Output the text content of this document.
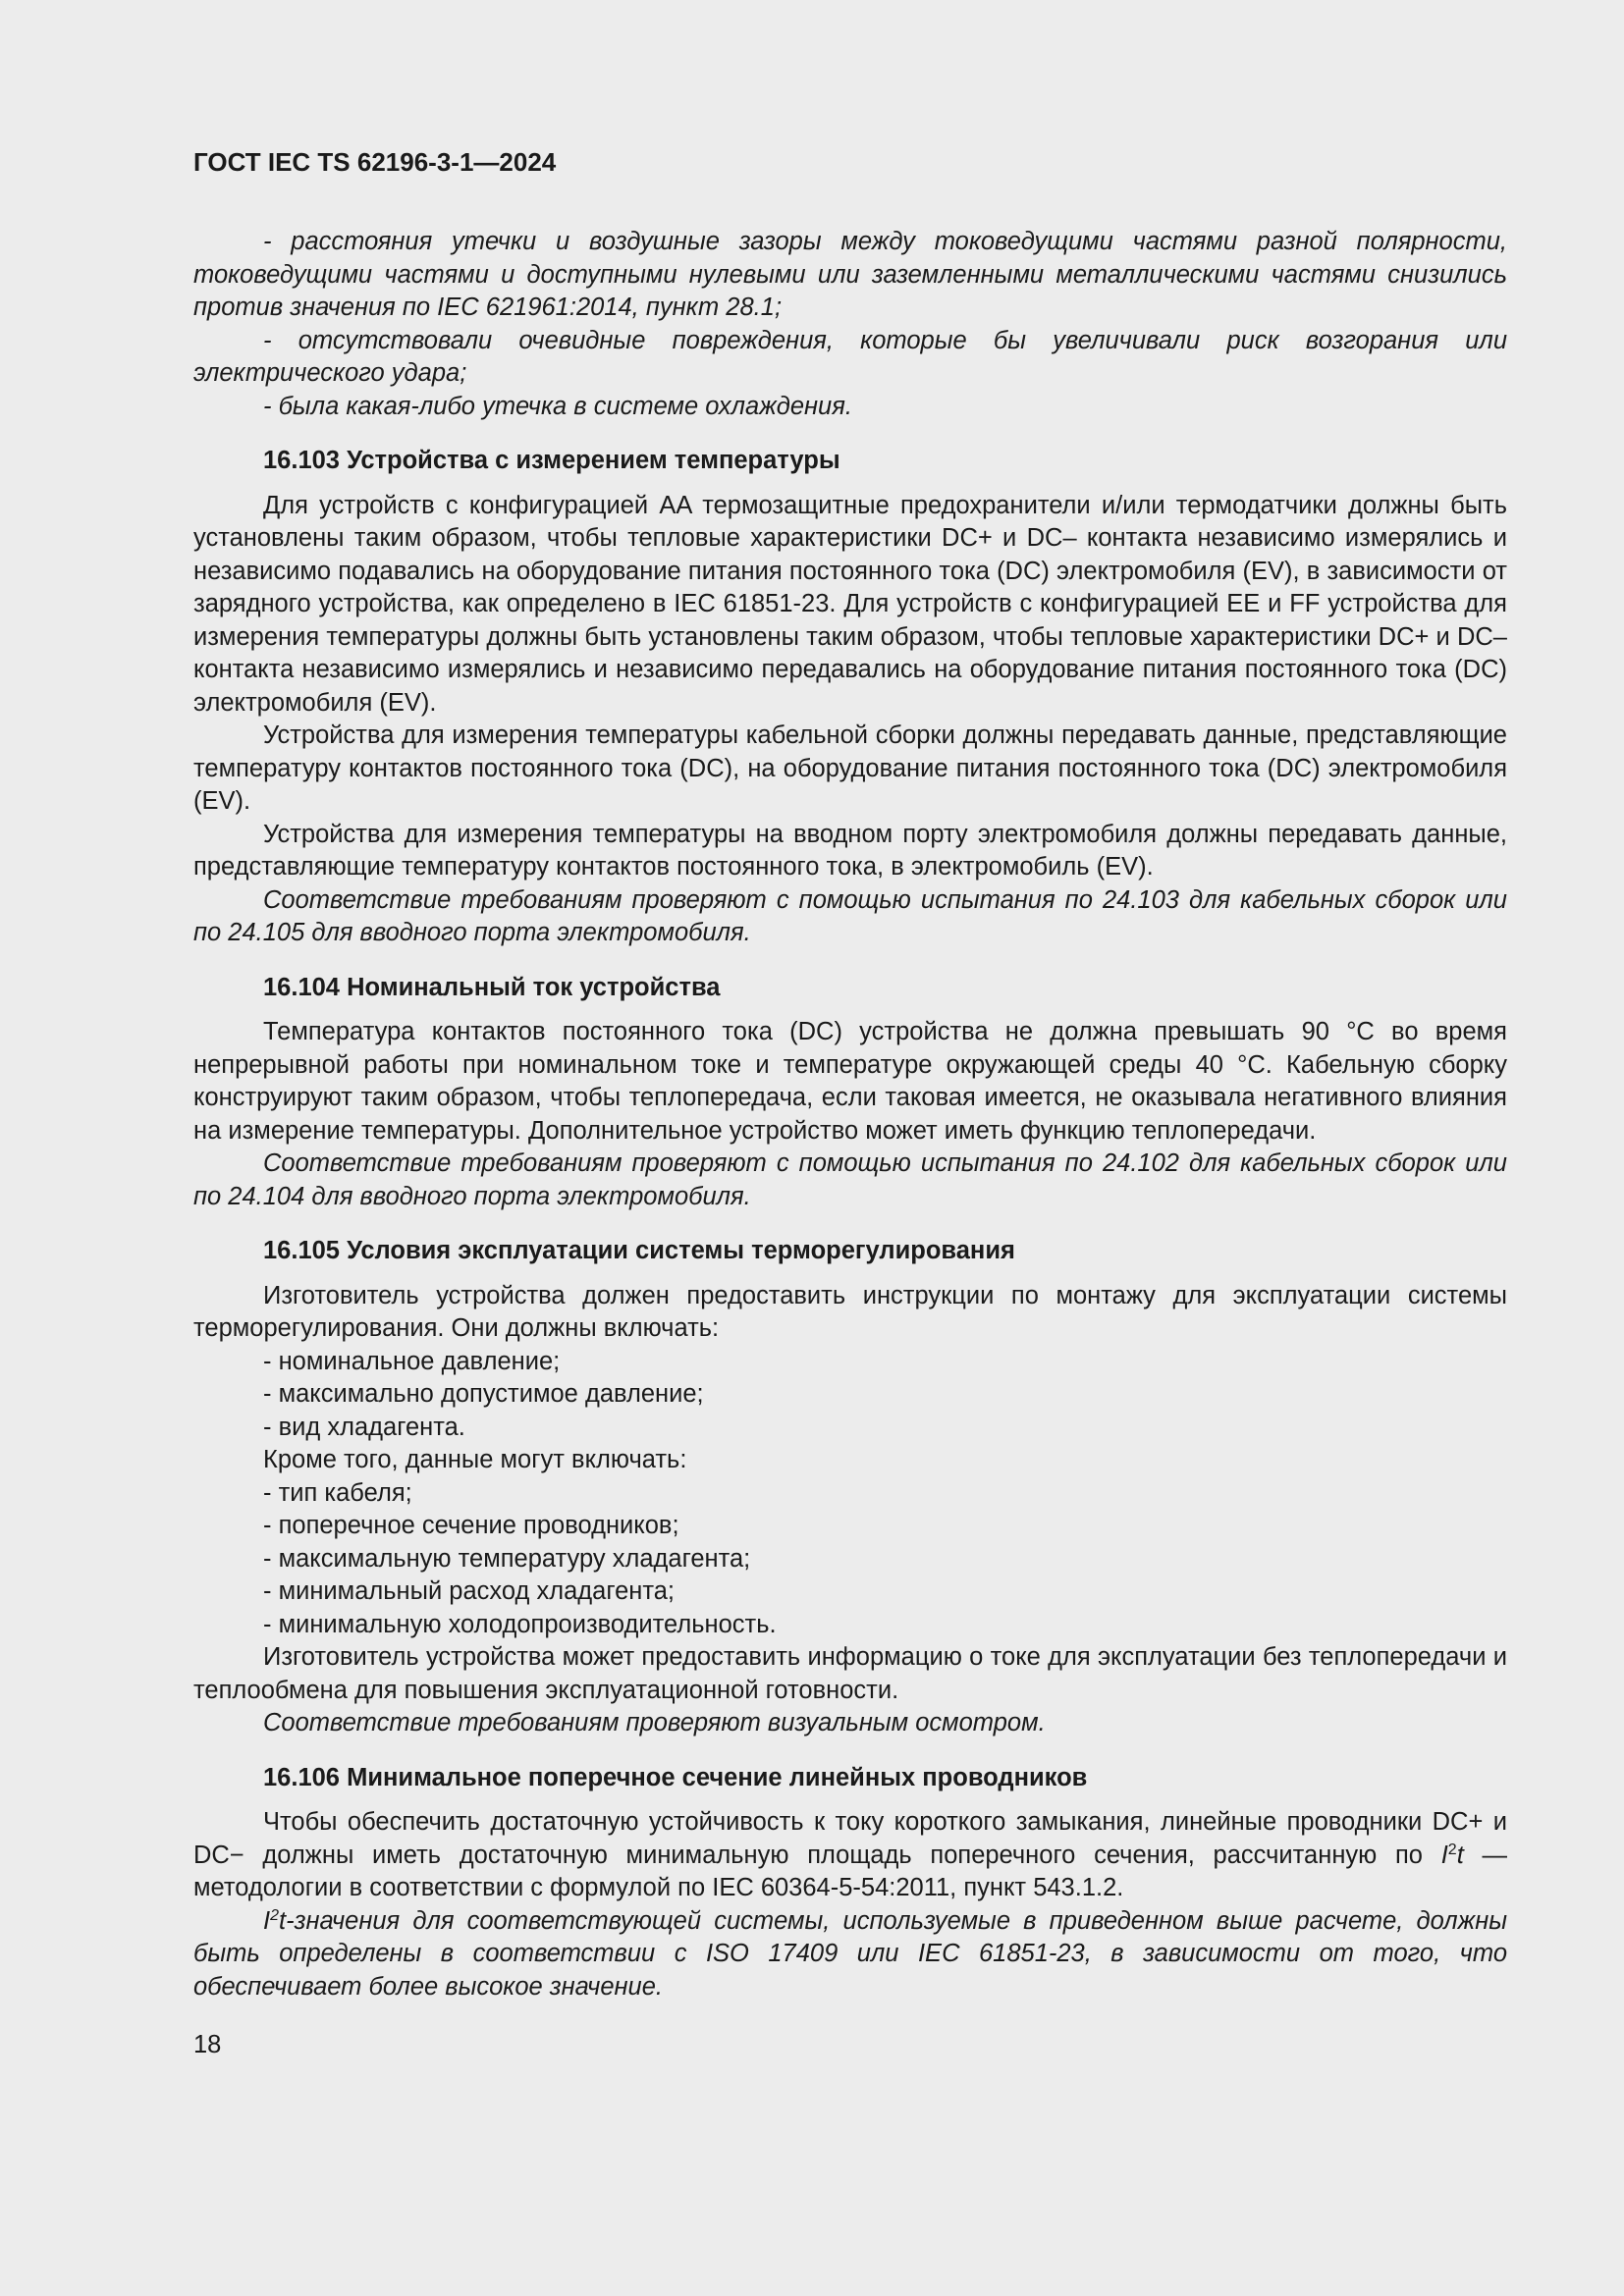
ГОСТ IEC TS 62196-3-1—2024

- расстояния утечки и воздушные зазоры между токоведущими частями разной полярности, токоведущими частями и доступными нулевыми или заземленными металлическими частями снизились против значения по IEC 621961:2014, пункт 28.1;

- отсутствовали очевидные повреждения, которые бы увеличивали риск возгорания или электрического удара;

- была какая-либо утечка в системе охлаждения.

16.103 Устройства с измерением температуры

Для устройств с конфигурацией AA термозащитные предохранители и/или термодатчики должны быть установлены таким образом, чтобы тепловые характеристики DC+ и DC– контакта независимо измерялись и независимо подавались на оборудование питания постоянного тока (DC) электромобиля (EV), в зависимости от зарядного устройства, как определено в IEC 61851-23. Для устройств с конфигурацией EE и FF устройства для измерения температуры должны быть установлены таким образом, чтобы тепловые характеристики DC+ и DC– контакта независимо измерялись и независимо передавались на оборудование питания постоянного тока (DC) электромобиля (EV).

Устройства для измерения температуры кабельной сборки должны передавать данные, представляющие температуру контактов постоянного тока (DC), на оборудование питания постоянного тока (DC) электромобиля (EV).

Устройства для измерения температуры на вводном порту электромобиля должны передавать данные, представляющие температуру контактов постоянного тока, в электромобиль (EV).

Соответствие требованиям проверяют с помощью испытания по 24.103 для кабельных сборок или по 24.105 для вводного порта электромобиля.

16.104 Номинальный ток устройства

Температура контактов постоянного тока (DC) устройства не должна превышать 90 °C во время непрерывной работы при номинальном токе и температуре окружающей среды 40 °C. Кабельную сборку конструируют таким образом, чтобы теплопередача, если таковая имеется, не оказывала негативного влияния на измерение температуры. Дополнительное устройство может иметь функцию теплопередачи.

Соответствие требованиям проверяют с помощью испытания по 24.102 для кабельных сборок или по 24.104 для вводного порта электромобиля.

16.105 Условия эксплуатации системы терморегулирования

Изготовитель устройства должен предоставить инструкции по монтажу для эксплуатации системы терморегулирования. Они должны включать:

- номинальное давление;

- максимально допустимое давление;

- вид хладагента.

Кроме того, данные могут включать:

- тип кабеля;

- поперечное сечение проводников;

- максимальную температуру хладагента;

- минимальный расход хладагента;

- минимальную холодопроизводительность.

Изготовитель устройства может предоставить информацию о токе для эксплуатации без теплопередачи и теплообмена для повышения эксплуатационной готовности.

Соответствие требованиям проверяют визуальным осмотром.

16.106 Минимальное поперечное сечение линейных проводников

Чтобы обеспечить достаточную устойчивость к току короткого замыкания, линейные проводники DC+ и DC− должны иметь достаточную минимальную площадь поперечного сечения, рассчитанную по $I^2t$ — методологии в соответствии с формулой по IEC 60364-5-54:2011, пункт 543.1.2.

$I^2t$-значения для соответствующей системы, используемые в приведенном выше расчете, должны быть определены в соответствии с ISO 17409 или IEC 61851-23, в зависимости от того, что обеспечивает более высокое значение.

18
